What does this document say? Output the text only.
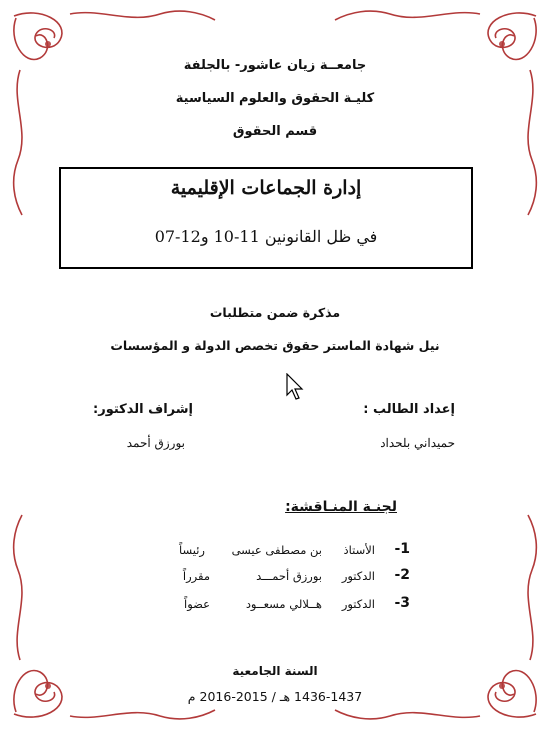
جامعــة زيان عاشور- بالجلفة
كليـة الحقوق والعلوم السياسية
قسم الحقوق
إدارة الجماعات الإقليمية
في ظل القانونين 11-10 و12-07
مذكرة ضمن متطلبات
نيل شهادة الماستر حقوق تخصص الدولة و المؤسسات
إعداد الطالب :
حميداني بلحداد
إشراف الدكتور:
بورزق أحمد
لجنـة المنـاقشة:
1-
الأستاذ
بن مصطفى عيسى
رئيساً
2-
الدكتور
بورزق أحمـــد
مقرراً
3-
الدكتور
هــلالي مسعــود
عضواً
السنة الجامعية
1436-1437 هـ / 2015-2016 م
